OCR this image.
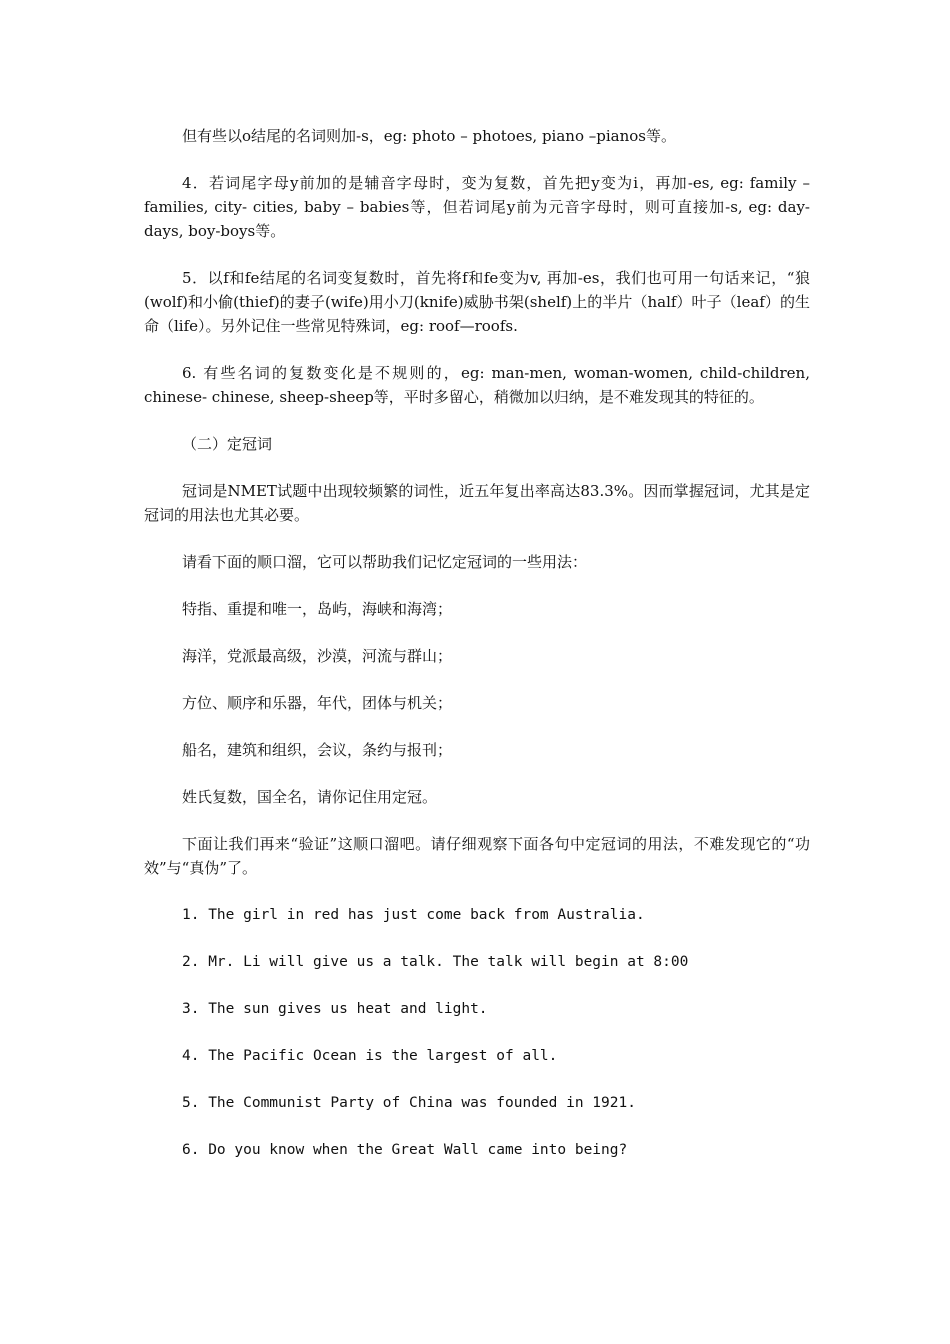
但有些以o结尾的名词则加-s，eg: photo – photoes, piano –pianos等。

4．若词尾字母y前加的是辅音字母时，变为复数，首先把y变为i，再加-es, eg: family – families, city- cities, baby – babies等，但若词尾y前为元音字母时，则可直接加-s, eg: day-days, boy-boys等。

5．以f和fe结尾的名词变复数时，首先将f和fe变为v, 再加-es，我们也可用一句话来记，“狼(wolf)和小偷(thief)的妻子(wife)用小刀(knife)威胁书架(shelf)上的半片（half）叶子（leaf）的生命（life）。另外记住一些常见特殊词，eg: roof—roofs.

6. 有些名词的复数变化是不规则的，eg: man-men, woman-women, child-children, chinese- chinese, sheep-sheep等，平时多留心，稍微加以归纳，是不难发现其的特征的。

（二）定冠词

冠词是NMET试题中出现较频繁的词性，近五年复出率高达83.3%。因而掌握冠词，尤其是定冠词的用法也尤其必要。

请看下面的顺口溜，它可以帮助我们记忆定冠词的一些用法：

特指、重提和唯一，岛屿，海峡和海湾；

海洋，党派最高级，沙漠，河流与群山；

方位、顺序和乐器，年代，团体与机关；

船名，建筑和组织，会议，条约与报刊；

姓氏复数，国全名，请你记住用定冠。

下面让我们再来“验证”这顺口溜吧。请仔细观察下面各句中定冠词的用法，不难发现它的“功效”与“真伪”了。

1. The girl in red has just come back from Australia.

2. Mr. Li will give us a talk. The talk will begin at 8:00

3. The sun gives us heat and light.

4. The Pacific Ocean is the largest of all.

5. The Communist Party of China was founded in 1921.

6. Do you know when the Great Wall came into being?
